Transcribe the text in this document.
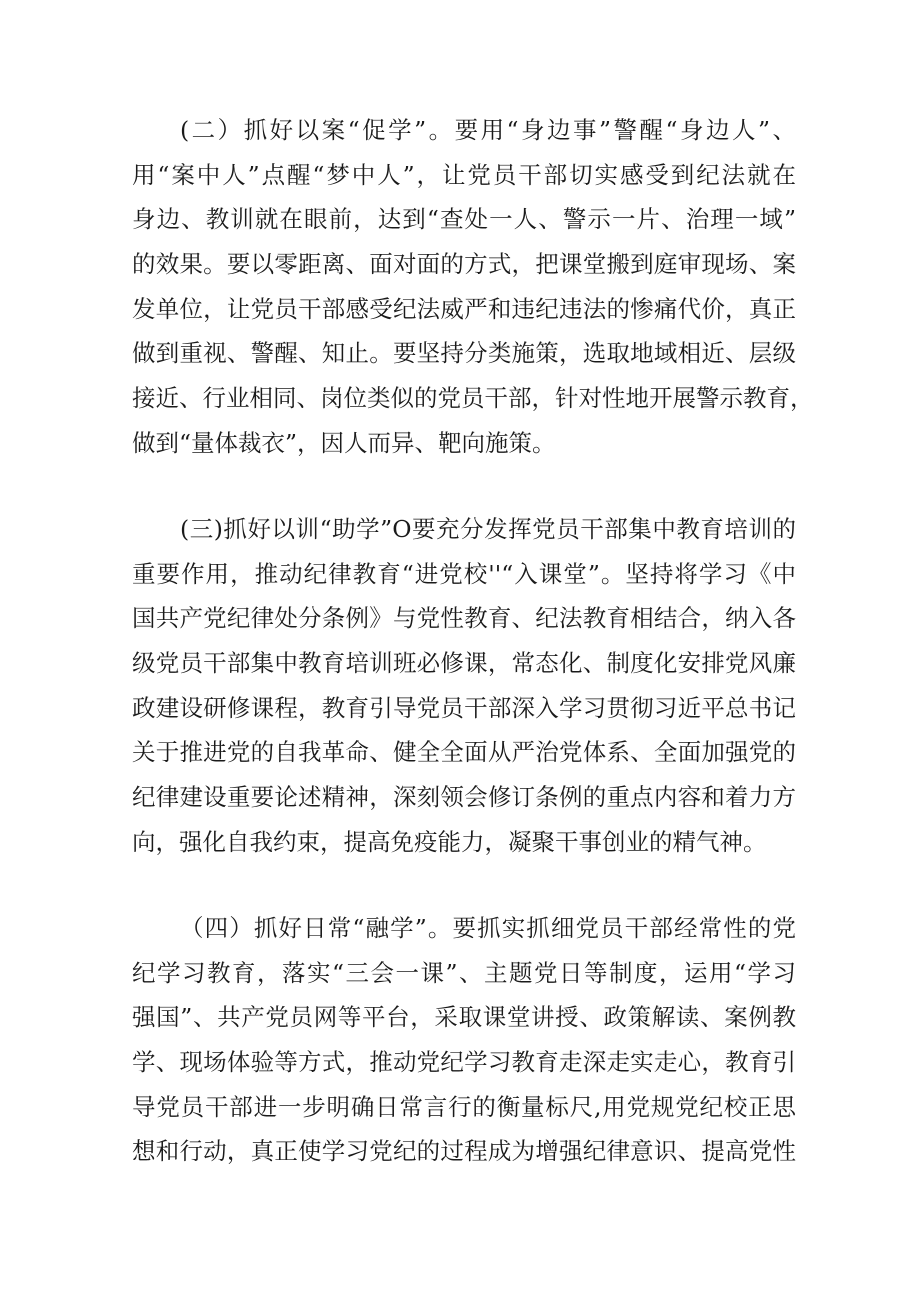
(二）抓好以案“促学”。要用“身边事”警醒“身边人”、
用“案中人”点醒“梦中人”，让党员干部切实感受到纪法就在
身边、教训就在眼前，达到“查处一人、警示一片、治理一域”
的效果。要以零距离、面对面的方式，把课堂搬到庭审现场、案
发单位，让党员干部感受纪法威严和违纪违法的惨痛代价，真正
做到重视、警醒、知止。要坚持分类施策，选取地域相近、层级
接近、行业相同、岗位类似的党员干部，针对性地开展警示教育，
做到“量体裁衣”，因人而异、靶向施策。
(三)抓好以训“助学”O要充分发挥党员干部集中教育培训的
重要作用，推动纪律教育“进党校''“入课堂”。坚持将学习《中
国共产党纪律处分条例》与党性教育、纪法教育相结合，纳入各
级党员干部集中教育培训班必修课，常态化、制度化安排党风廉
政建设研修课程，教育引导党员干部深入学习贯彻习近平总书记
关于推进党的自我革命、健全全面从严治党体系、全面加强党的
纪律建设重要论述精神，深刻领会修订条例的重点内容和着力方
向，强化自我约束，提高免疫能力，凝聚干事创业的精气神。
（四）抓好日常“融学”。要抓实抓细党员干部经常性的党
纪学习教育，落实“三会一课”、主题党日等制度，运用“学习
强国”、共产党员网等平台，采取课堂讲授、政策解读、案例教
学、现场体验等方式，推动党纪学习教育走深走实走心，教育引
导党员干部进一步明确日常言行的衡量标尺,用党规党纪校正思
想和行动，真正使学习党纪的过程成为增强纪律意识、提高党性
